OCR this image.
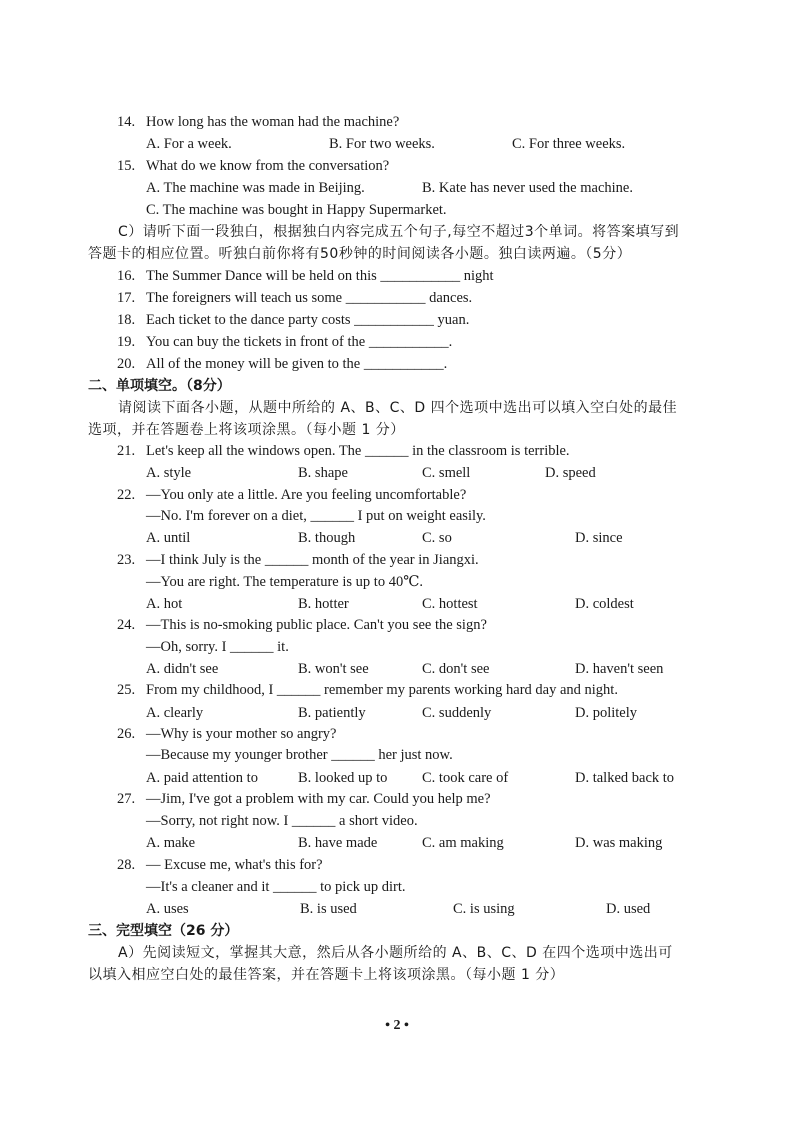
14. How long has the woman had the machine?
A. For a week.	B. For two weeks.	C. For three weeks.
15. What do we know from the conversation?
A. The machine was made in Beijing.	B. Kate has never used the machine.
C. The machine was bought in Happy Supermarket.
C）请听下面一段独白，根据独白内容完成五个句子,每空不超过3个单词。将答案填写到
答题卡的相应位置。听独白前你将有50秒钟的时间阅读各小题。独白读两遍。（5分）
16. The Summer Dance will be held on this ___________ night
17. The foreigners will teach us some ___________ dances.
18. Each ticket to the dance party costs ___________ yuan.
19. You can buy the tickets in front of the ___________.
20. All of the money will be given to the ___________.
二、单项填空。（8分）
请阅读下面各小题，从题中所给的 A、B、C、D 四个选项中选出可以填入空白处的最佳
选项，并在答题卷上将该项涂黑。（每小题 1 分）
21. Let's keep all the windows open. The ______ in the classroom is terrible.
A. style	B. shape	C. smell	D. speed
22. —You only ate a little. Are you feeling uncomfortable?
—No. I'm forever on a diet, ______ I put on weight easily.
A. until	B. though	C. so	D. since
23. —I think July is the ______ month of the year in Jiangxi.
—You are right. The temperature is up to 40℃.
A. hot	B. hotter	C. hottest	D. coldest
24. —This is no-smoking public place. Can't you see the sign?
—Oh, sorry. I ______ it.
A. didn't see	B. won't see	C. don't see	D. haven't seen
25. From my childhood, I ______ remember my parents working hard day and night.
A. clearly	B. patiently	C. suddenly	D. politely
26. —Why is your mother so angry?
—Because my younger brother ______ her just now.
A. paid attention to	B. looked up to C. took care of	D. talked back to
27. —Jim, I've got a problem with my car. Could you help me?
—Sorry, not right now. I ______ a short video.
A. make	B. have made	C. am making	D. was making
28. — Excuse me, what's this for?
—It's a cleaner and it ______ to pick up dirt.
A. uses	B. is used	C. is using	D. used
三、完型填空（26 分）
A）先阅读短文，掌握其大意，然后从各小题所给的 A、B、C、D 在四个选项中选出可
以填入相应空白处的最佳答案，并在答题卡上将该项涂黑。（每小题 1 分）
• 2 •
